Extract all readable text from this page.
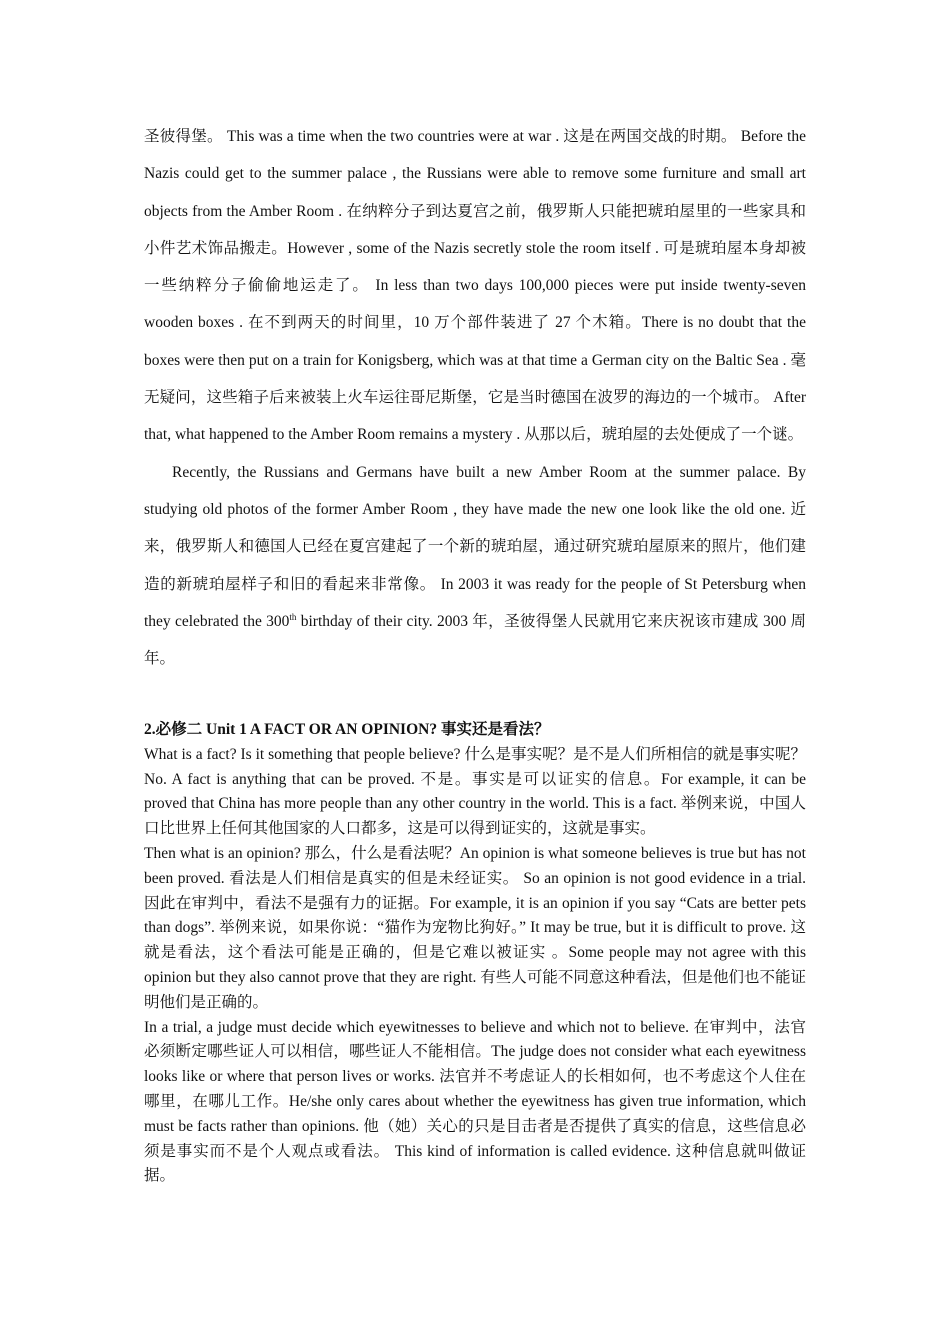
圣彼得堡。 This was a time when the two countries were at war . 这是在两国交战的时期。 Before the Nazis could get to the summer palace , the Russians were able to remove some furniture and small art objects from the Amber Room . 在纳粹分子到达夏宫之前，俄罗斯人只能把琥珀屋里的一些家具和小件艺术饰品搬走。However , some of the Nazis secretly stole the room itself . 可是琥珀屋本身却被一些纳粹分子偷偷地运走了。 In less than two days 100,000 pieces were put inside twenty-seven wooden boxes . 在不到两天的时间里，10 万个部件装进了 27 个木箱。There is no doubt that the boxes were then put on a train for Konigsberg, which was at that time a German city on the Baltic Sea . 毫无疑问，这些箱子后来被装上火车运往哥尼斯堡，它是当时德国在波罗的海边的一个城市。 After that, what happened to the Amber Room remains a mystery . 从那以后，琥珀屋的去处便成了一个谜。

Recently, the Russians and Germans have built a new Amber Room at the summer palace. By studying old photos of the former Amber Room , they have made the new one look like the old one. 近来，俄罗斯人和德国人已经在夏宫建起了一个新的琥珀屋，通过研究琥珀屋原来的照片，他们建造的新琥珀屋样子和旧的看起来非常像。 In 2003 it was ready for the people of St Petersburg when they celebrated the 300th birthday of their city. 2003 年，圣彼得堡人民就用它来庆祝该市建成 300 周年。

2.必修二 Unit 1 A FACT OR AN OPINION? 事实还是看法？

What is a fact? Is it something that people believe? 什么是事实呢？是不是人们所相信的就是事实呢？ No. A fact is anything that can be proved. 不是。事实是可以证实的信息。For example, it can be proved that China has more people than any other country in the world. This is a fact. 举例来说，中国人口比世界上任何其他国家的人口都多，这是可以得到证实的，这就是事实。

Then what is an opinion? 那么，什么是看法呢？An opinion is what someone believes is true but has not been proved. 看法是人们相信是真实的但是未经证实。 So an opinion is not good evidence in a trial. 因此在审判中，看法不是强有力的证据。For example, it is an opinion if you say “Cats are better pets than dogs”. 举例来说，如果你说：“猫作为宠物比狗好。” It may be true, but it is difficult to prove. 这就是看法，这个看法可能是正确的，但是它难以被证实 。Some people may not agree with this opinion but they also cannot prove that they are right. 有些人可能不同意这种看法，但是他们也不能证明他们是正确的。

In a trial, a judge must decide which eyewitnesses to believe and which not to believe. 在审判中，法官必须断定哪些证人可以相信，哪些证人不能相信。The judge does not consider what each eyewitness looks like or where that person lives or works. 法官并不考虑证人的长相如何，也不考虑这个人住在哪里，在哪儿工作。He/she only cares about whether the eyewitness has given true information, which must be facts rather than opinions. 他（她）关心的只是目击者是否提供了真实的信息，这些信息必须是事实而不是个人观点或看法。 This kind of information is called evidence. 这种信息就叫做证据。
